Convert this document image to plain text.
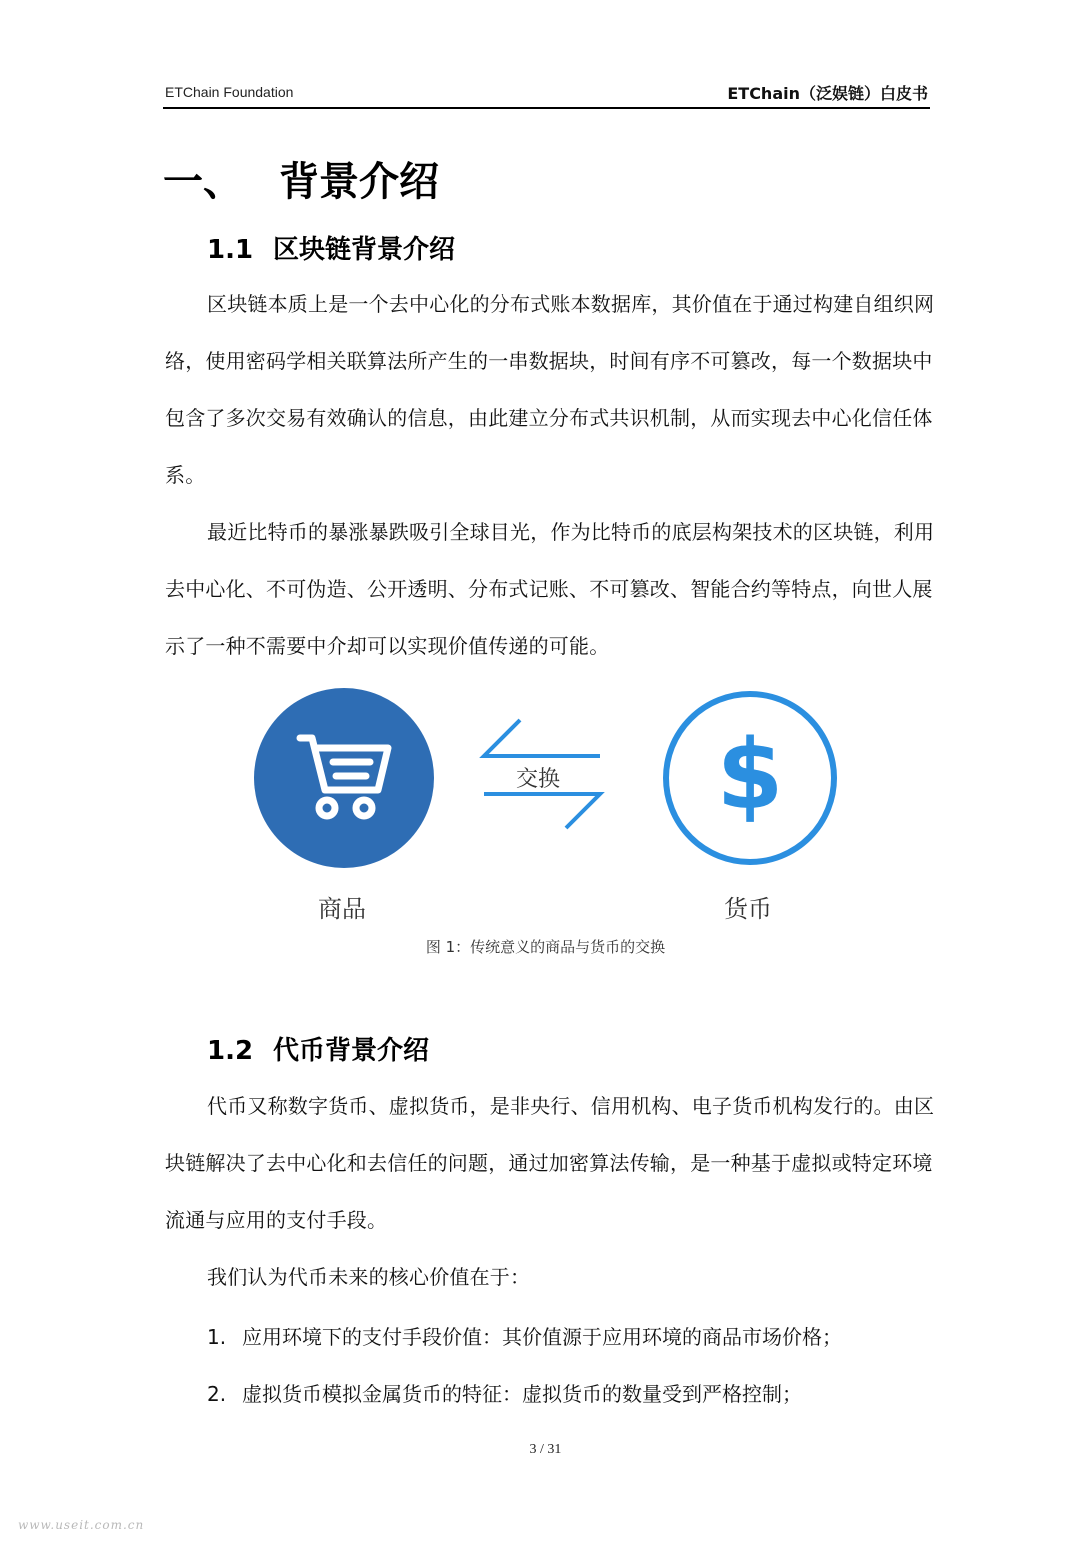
ETChain Foundation	ETChain（泛娱链）白皮书
一、 背景介绍
1.1 区块链背景介绍

区块链本质上是一个去中心化的分布式账本数据库，其价值在于通过构建自组织网络，使用密码学相关联算法所产生的一串数据块，时间有序不可篡改，每一个数据块中包含了多次交易有效确认的信息，由此建立分布式共识机制，从而实现去中心化信任体系。

最近比特币的暴涨暴跌吸引全球目光，作为比特币的底层构架技术的区块链，利用去中心化、不可伪造、公开透明、分布式记账、不可篡改、智能合约等特点，向世人展示了一种不需要中介却可以实现价值传递的可能。

$
交换
商品	货币
图 1：传统意义的商品与货币的交换
1.2 代币背景介绍

代币又称数字货币、虚拟货币，是非央行、信用机构、电子货币机构发行的。由区块链解决了去中心化和去信任的问题，通过加密算法传输，是一种基于虚拟或特定环境流通与应用的支付手段。

我们认为代币未来的核心价值在于：

1. 应用环境下的支付手段价值：其价值源于应用环境的商品市场价格；
2. 虚拟货币模拟金属货币的特征：虚拟货币的数量受到严格控制；
3 / 31
www.useit.com.cn
